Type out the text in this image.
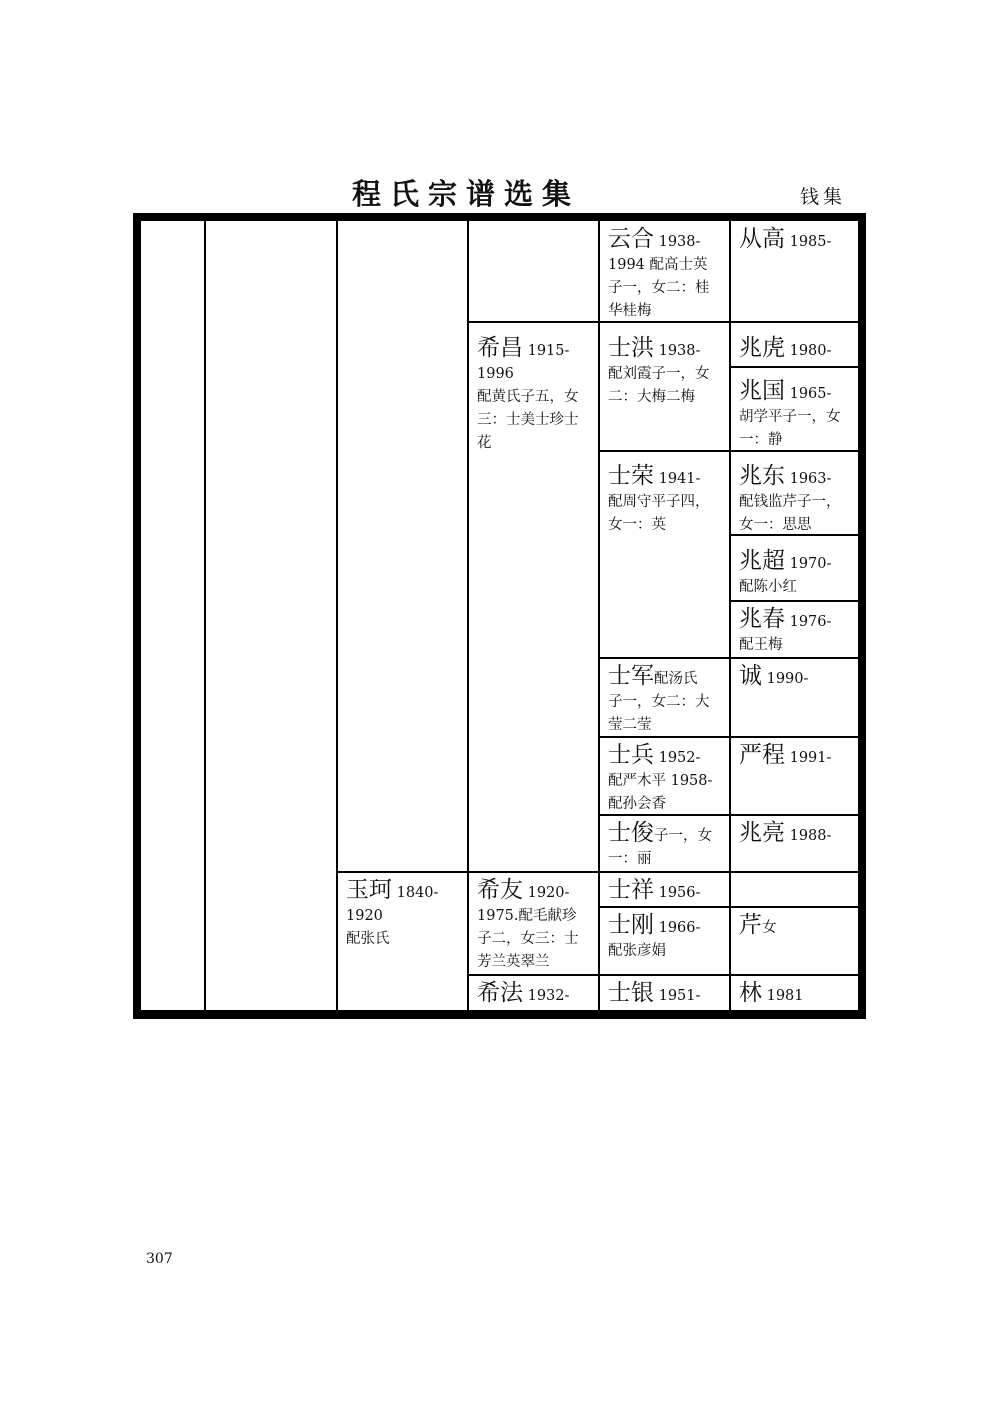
程氏宗谱选集	钱集
云合 1938-
1994 配高士英
子一，女二：桂
华桂梅
从高 1985-
希昌 1915-
1996
配黄氏子五，女
三：士美士珍士
花
士洪 1938-
配刘霞子一，女
二：大梅二梅
兆虎 1980-
兆国 1965-
胡学平子一，女
一：静
士荣 1941-
配周守平子四，
女一：英
兆东 1963-
配钱监芹子一，
女一：思思
兆超 1970-
配陈小红
兆春 1976-
配王梅
士军配汤氏
子一，女二：大
莹二莹
诚 1990-
士兵 1952-
配严木平 1958-
配孙会香
严程 1991-
士俊子一，女
一：丽
兆亮 1988-
玉珂 1840-
1920
配张氏
希友 1920-
1975.配毛献珍
子二，女三：士
芳兰英翠兰
士祥 1956-
士刚 1966-
配张彦娟
芹女
希法 1932- 士银 1951- 林 1981
307
